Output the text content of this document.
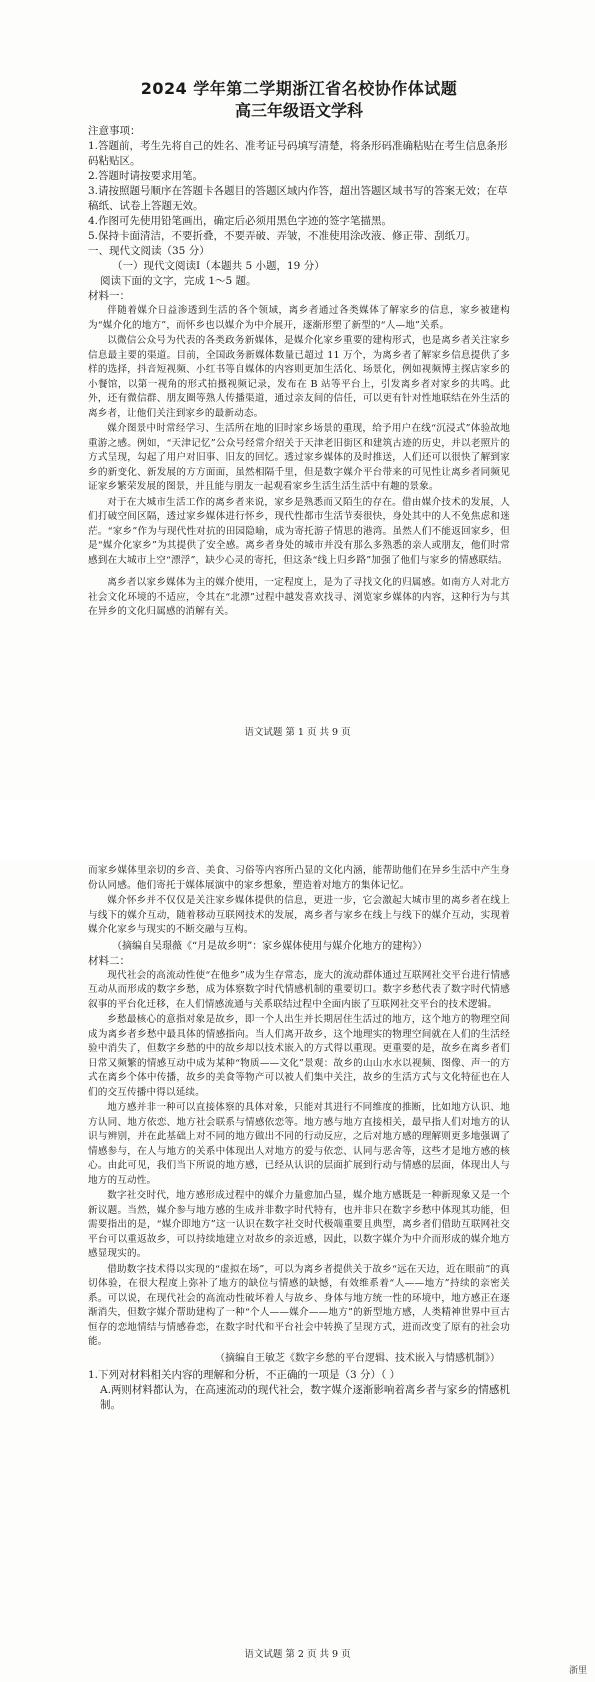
2024 学年第二学期浙江省名校协作体试题
高三年级语文学科
注意事项：
1.答题前，考生先将自己的姓名、准考证号码填写清楚，将条形码准确粘贴在考生信息条形码粘贴区。
2.答题时请按要求用笔。
3.请按照题号顺序在答题卡各题目的答题区域内作答，超出答题区域书写的答案无效；在草稿纸、试卷上答题无效。
4.作图可先使用铅笔画出，确定后必须用黑色字迹的签字笔描黑。
5.保持卡面清洁，不要折叠，不要弄破、弄皱，不准使用涂改液、修正带、刮纸刀。
一、现代文阅读（35 分）
（一）现代文阅读Ⅰ（本题共 5 小题，19 分）
阅读下面的文字，完成 1～5 题。
材料一：
伴随着媒介日益渗透到生活的各个领域，离乡者通过各类媒体了解家乡的信息，家乡被建构为“媒介化的地方”，而怀乡也以媒介为中介展开，逐渐形塑了新型的“人—地”关系。
以微信公众号为代表的各类政务新媒体，是媒介化家乡重要的建构形式，也是离乡者关注家乡信息最主要的渠道。目前，全国政务新媒体数量已超过 11 万个，为离乡者了解家乡信息提供了多样的选择，抖音短视频、小红书等自媒体的内容则更加生活化、场景化，例如视频博主探店家乡的小餐馆，以第一视角的形式拍摄视频记录，发布在 B 站等平台上，引发离乡者对家乡的共鸣。此外，还有微信群、朋友圈等熟人传播渠道，通过亲友间的信任，可以更有针对性地联结在外生活的离乡者，让他们关注到家乡的最新动态。
媒介图景中时常经学习、生活所在地的旧时家乡场景的重现，给予用户在线“沉浸式”体验故地重游之感。例如，“天津记忆”公众号经常介绍关于天津老旧街区和建筑古迹的历史，并以老照片的方式呈现，勾起了用户对旧事、旧友的回忆。透过家乡媒体的及时推送，人们还可以很快了解到家乡的新变化、新发展的方方面面，虽然相隔千里，但是数字媒介平台带来的可见性让离乡者同频见证家乡繁荣发展的图景，并且能与朋友一起观看家乡生活生活生活中有趣的景象。
对于在大城市生活工作的离乡者来说，家乡是熟悉而又陌生的存在。借由媒介技术的发展，人们打破空间区隔，透过家乡媒体进行怀乡，现代性都市生活节奏很快，身处其中的人不免焦虑和迷茫。“家乡”作为与现代性对抗的田园隐喻，成为寄托游子情思的港湾。虽然人们不能返回家乡，但是“媒介化家乡”为其提供了安全感。离乡者身处的城市并没有那么多熟悉的亲人或朋友，他们时常感到在大城市上空“漂浮”，缺少心灵的寄托，但这条“线上归乡路”加强了他们与家乡的情感联结。
离乡者以家乡媒体为主的媒介使用，一定程度上，是为了寻找文化的归属感。如南方人对北方社会文化环境的不适应，令其在“北漂”过程中越发喜欢找寻、浏览家乡媒体的内容，这种行为与其在异乡的文化归属感的消解有关。
语文试题 第 1 页 共 9 页
而家乡媒体里亲切的乡音、美食、习俗等内容所凸显的文化内涵，能帮助他们在异乡生活中产生身份认同感。他们寄托于媒体展演中的家乡想象，塑造着对地方的集体记忆。
媒介怀乡并不仅仅是关注家乡媒体提供的信息，更进一步，它会激起大城市里的离乡者在线上与线下的媒介互动，随着移动互联网技术的发展，离乡者与家乡在线上与线下的媒介互动，实现着媒介化家乡与现实的不断交融与互构。
（摘编自吴璟薇《“月是故乡明”：家乡媒体使用与媒介化地方的建构》）
材料二：
现代社会的高流动性使“在他乡”成为生存常态，庞大的流动群体通过互联网社交平台进行情感互动从而形成的数字乡愁，成为体察数字时代情感机制的重要切口。数字乡愁代表了数字时代情感叙事的平台化迁移，在人们情感流通与关系联结过程中全面内嵌了互联网社交平台的技术逻辑。
乡愁最核心的意指对象是故乡，即一个人出生并长期居住生活过的地方，这个地方的物理空间成为离乡者乡愁中最具体的情感指向。当人们离开故乡，这个地理实的物理空间就在人们的生活经验中消失了，但数字乡愁的中的故乡却以技术嵌入的方式得以重现。更重要的是，故乡在离乡者们日常又频繁的情感互动中成为某种“物质——文化”景观：故乡的山山水水以视频、图像、声一的方式在离乡个体中传播，故乡的美食等物产可以被人们集中关注，故乡的生活方式与文化特征也在人们的交互传播中得以延续。
地方感并非一种可以直接体察的具体对象，只能对其进行不同维度的推断，比如地方认识、地方认同、地方依恋、地方社会联系与情感依恋等。地方感与地方直接相关，最早指人们对地方的认识与辨别，并在此基础上对不同的地方做出不同的行动反应，之后对地方感的理解则更多地强调了情感参与，在人与地方的关系中体现出人对地方的爱与依恋、认同与恶舍等，这些才是地方感的核心。由此可见，我们当下所说的地方感，已经从认识的层面扩展到行动与情感的层面，体现出人与地方的互动性。
数字社交时代，地方感形成过程中的媒介力量愈加凸显，媒介地方感既是一种新现象又是一个新议题。当然，媒介参与地方感的生成并非数字时代特有，也并非只在数字乡愁中体现其功能，但需要指出的是，“媒介即地方”这一认识在数字社交时代极端重要且典型，离乡者们借助互联网社交平台可以重返故乡，可以持续地建立对故乡的亲近感，因此，以数字媒介为中介而形成的媒介地方感显现实的。
借助数字技术得以实现的“虚拟在场”，可以为离乡者提供关于故乡“远在天边，近在眼前”的真切体验，在很大程度上弥补了地方的缺位与情感的缺憾，有效维系着“人——地方”持续的亲密关系。可以说，在现代社会的高流动性破坏着人与故乡、身体与地方统一性的环境中，地方感正在逐渐消失，但数字媒介帮助建构了一种“个人——媒介——地方”的新型地方感，人类精神世界中亘古恒存的恋地情结与情感眷恋，在数字时代和平台社会中转换了呈现方式，进而改变了原有的社会功能。
（摘编自王敏芝《数字乡愁的平台逻辑、技术嵌入与情感机制》）
1.下列对材料相关内容的理解和分析，不正确的一项是（3 分）（ ）
A.两则材料都认为，在高速流动的现代社会，数字媒介逐渐影响着离乡者与家乡的情感机制。
语文试题 第 2 页 共 9 页
浙里
